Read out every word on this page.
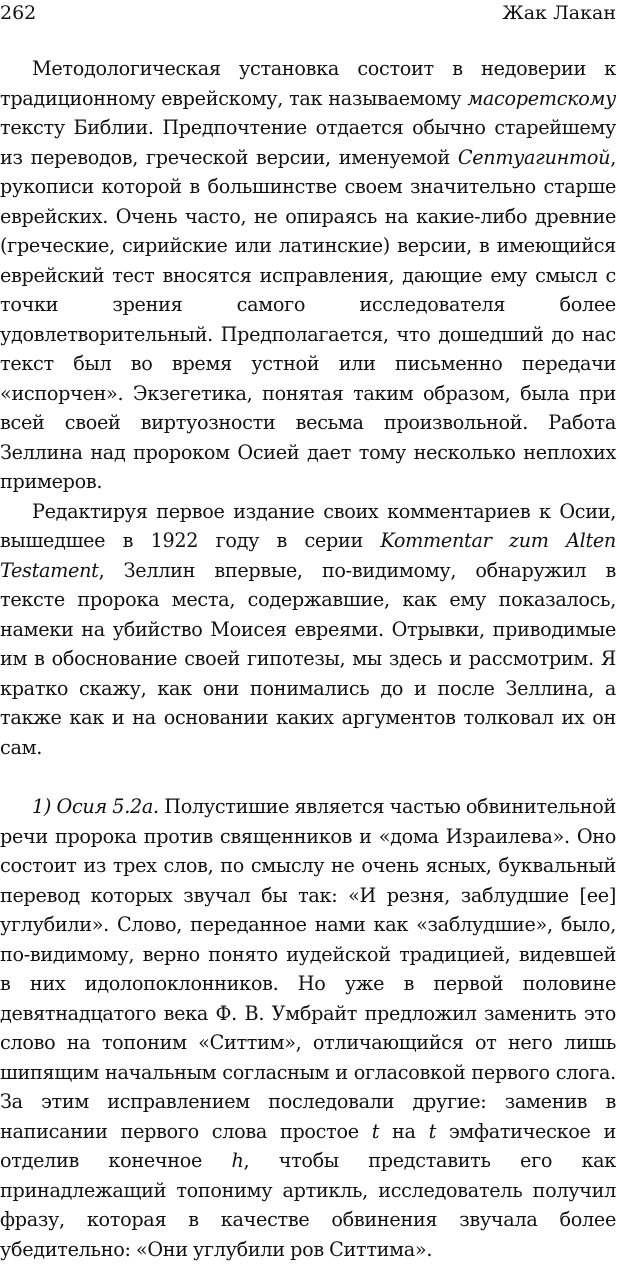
262	Жак Лакан

Методологическая установка состоит в недоверии к традиционному еврейскому, так называемому масоретскому тексту Библии. Предпочтение отдается обычно старейшему из переводов, греческой версии, именуемой Септуагинтой, рукописи которой в большинстве своем значительно старше еврейских. Очень часто, не опираясь на какие-либо древние (греческие, сирийские или латинские) версии, в имеющийся еврейский тест вносятся исправления, дающие ему смысл с точки зрения самого исследователя более удовлетворительный. Предполагается, что дошедший до нас текст был во время устной или письменно передачи «испорчен». Экзегетика, понятая таким образом, была при всей своей виртуозности весьма произвольной. Работа Зеллина над пророком Осией дает тому несколько неплохих примеров.

Редактируя первое издание своих комментариев к Осии, вышедшее в 1922 году в серии Kommentar zum Alten Testament, Зеллин впервые, по-видимому, обнаружил в тексте пророка места, содержавшие, как ему показалось, намеки на убийство Моисея евреями. Отрывки, приводимые им в обоснование своей гипотезы, мы здесь и рассмотрим. Я кратко скажу, как они понимались до и после Зеллина, а также как и на основании каких аргументов толковал их он сам.

1) Осия 5.2а. Полустишие является частью обвинительной речи пророка против священников и «дома Израилева». Оно состоит из трех слов, по смыслу не очень ясных, буквальный перевод которых звучал бы так: «И резня, заблудшие [ее] углубили». Слово, переданное нами как «заблудшие», было, по-видимому, верно понято иудейской традицией, видевшей в них идолопоклонников. Но уже в первой половине девятнадцатого века Ф. В. Умбрайт предложил заменить это слово на топоним «Ситтим», отличающийся от него лишь шипящим начальным согласным и огласовкой первого слога. За этим исправлением последовали другие: заменив в написании первого слова простое t на t эмфатическое и отделив конечное h, чтобы представить его как принадлежащий топониму артикль, исследователь получил фразу, которая в качестве обвинения звучала более убедительно: «Они углубили ров Ситтима».
